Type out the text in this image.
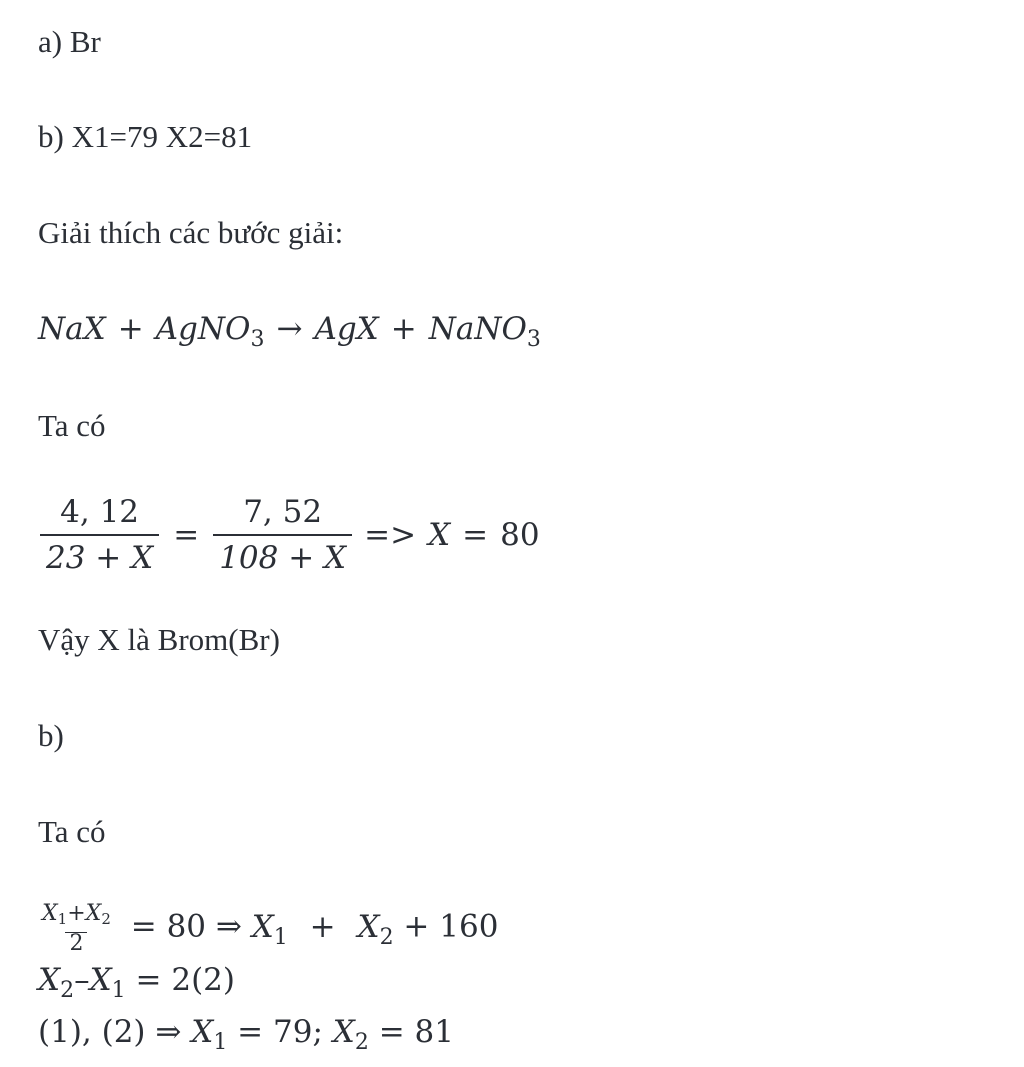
a) Br
b) X1=79 X2=81
Giải thích các bước giải:
NaX + AgNO$_3$ → AgX + NaNO$_3$
Ta có
$\frac{4, 12}{23 + X} = \frac{7, 52}{108 + X} => X = 80$
Vậy X là Brom(Br)
b)
Ta có
$\frac{X_1+X_2}{2} = 80$ ⇒ $X_1 + X_2 + 160$
$X_2-X_1 = 2(2)$
(1), (2) ⇒ $X_1 = 79$; $X_2 = 81$
